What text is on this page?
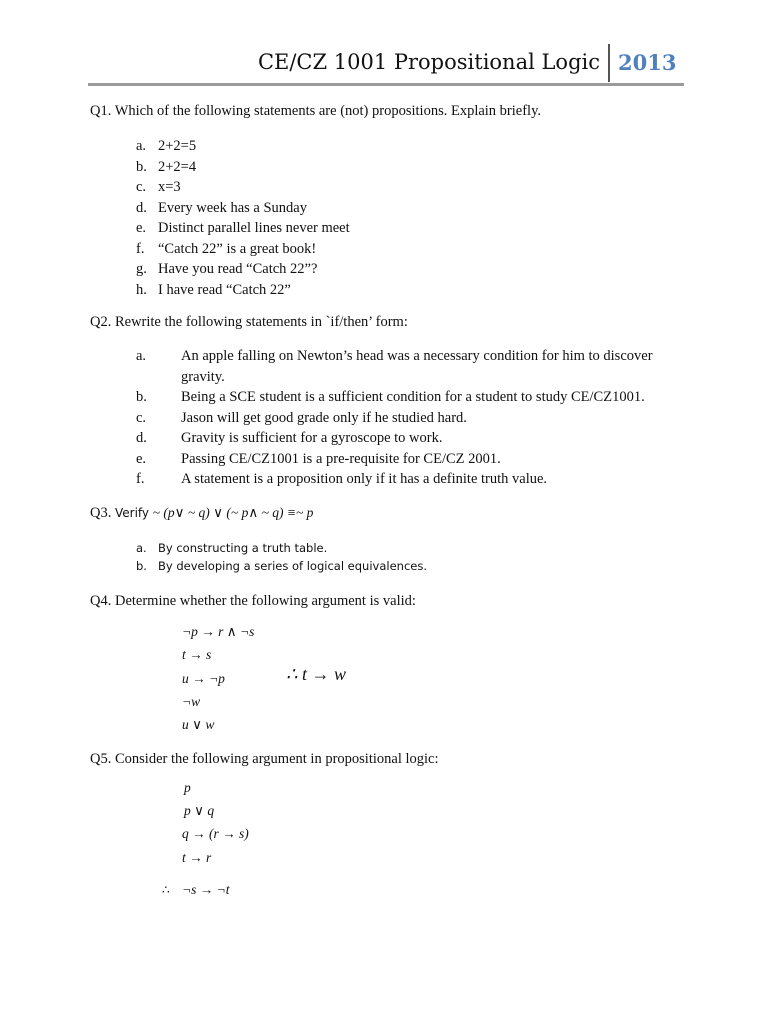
CE/CZ 1001 Propositional Logic 2013
Q1. Which of the following statements are (not) propositions. Explain briefly.
a. 2+2=5
b. 2+2=4
c. x=3
d. Every week has a Sunday
e. Distinct parallel lines never meet
f. “Catch 22” is a great book!
g. Have you read “Catch 22”?
h. I have read “Catch 22”
Q2. Rewrite the following statements in `if/then’ form:
a. An apple falling on Newton’s head was a necessary condition for him to discover
gravity.
b. Being a SCE student is a sufficient condition for a student to study CE/CZ1001.
c. Jason will get good grade only if he studied hard.
d. Gravity is sufficient for a gyroscope to work.
e. Passing CE/CZ1001 is a pre-requisite for CE/CZ 2001.
f.	A statement is a proposition only if it has a definite truth value.
Q3. Verify ~ (p∨ ~ q) ∨ (~ p∧ ~ q) ≡~ p
a. By constructing a truth table.
b. By developing a series of logical equivalences.
Q4. Determine whether the following argument is valid:
¬p → r ∧ ¬s
t → s
u → ¬p
¬w
u ∨ w
∴ t → w
Q5. Consider the following argument in propositional logic:
p
p ∨ q
q → (r → s)
t → r
∴ ¬s → ¬t
